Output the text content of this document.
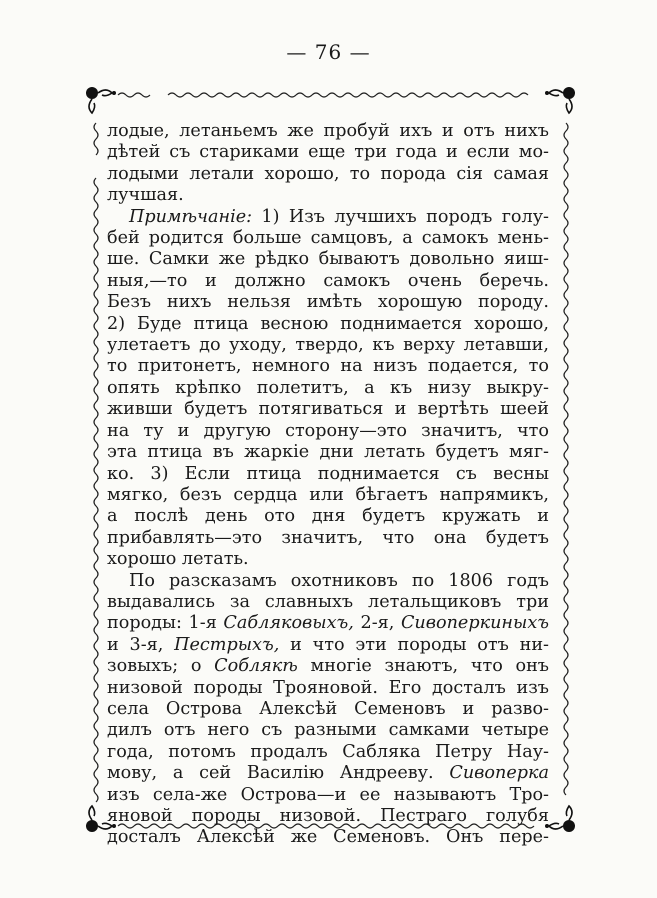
— 76 —
лодые, летаньемъ же пробуй ихъ и отъ нихъ
дѣтей съ стариками еще три года и если мо-
лодыми летали хорошо, то порода сія самая
лучшая.
Примѣчаніе: 1) Изъ лучшихъ породъ голу-
бей родится больше самцовъ, а самокъ мень-
ше. Самки же рѣдко бываютъ довольно яиш-
ныя,—то и должно самокъ очень беречь.
Безъ нихъ нельзя имѣть хорошую породу.
2) Буде птица весною поднимается хорошо,
улетаетъ до уходу, твердо, къ верху летавши,
то притонетъ, немного на низъ подается, то
опять крѣпко полетитъ, а къ низу выкру-
живши будетъ потягиваться и вертѣть шеей
на ту и другую сторону—это значитъ, что
эта птица въ жаркіе дни летать будетъ мяг-
ко. 3) Если птица поднимается съ весны
мягко, безъ сердца или бѣгаетъ напрямикъ,
а послѣ день ото дня будетъ кружать и
прибавлять—это значитъ, что она будетъ
хорошо летать.
По разсказамъ охотниковъ по 1806 годъ
выдавались за славныхъ летальщиковъ три
породы: 1-я Сабляковыхъ, 2-я, Сивоперкиныхъ
и 3-я, Пестрыхъ, и что эти породы отъ ни-
зовыхъ; о Соблякѣ многіе знаютъ, что онъ
низовой породы Трояновой. Его досталъ изъ
села Острова Алексѣй Семеновъ и разво-
дилъ отъ него съ разными самками четыре
года, потомъ продалъ Сабляка Петру Нау-
мову, а сей Василію Андрееву. Сивоперка
изъ села-же Острова—и ее называютъ Тро-
яновой породы низовой. Пестраго голубя
досталъ Алексѣй же Семеновъ. Онъ пере-
